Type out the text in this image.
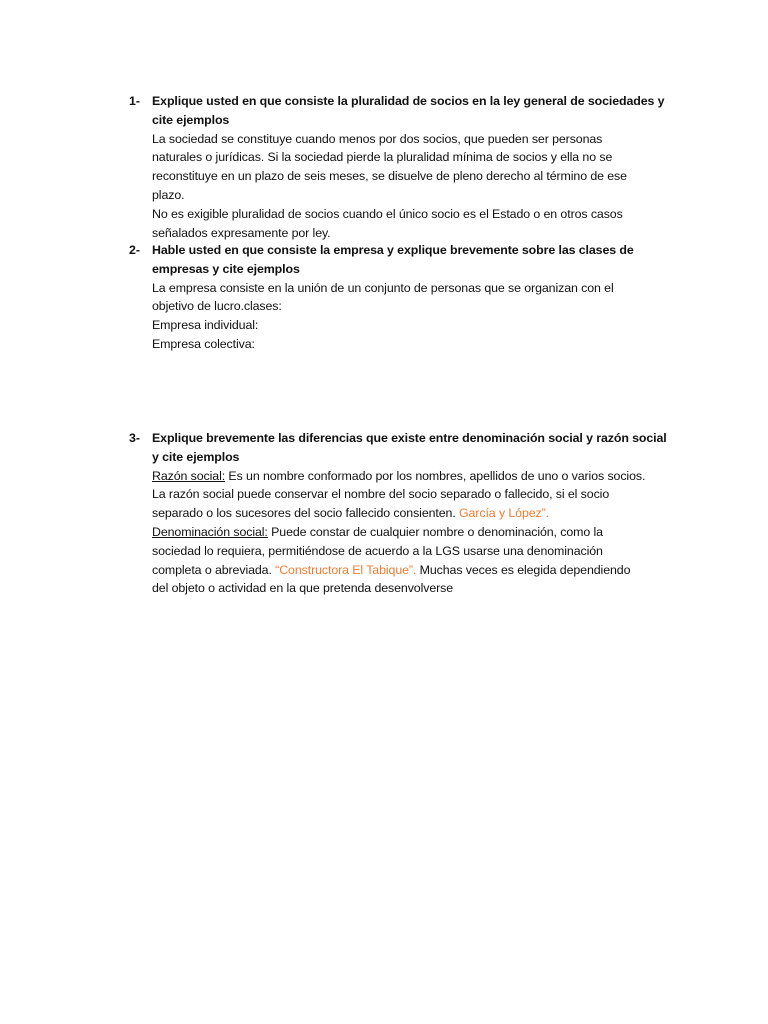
1- Explique usted en que consiste la pluralidad de socios en la ley general de sociedades y
cite ejemplos
La sociedad se constituye cuando menos por dos socios, que pueden ser personas
naturales o jurídicas. Si la sociedad pierde la pluralidad mínima de socios y ella no se
reconstituye en un plazo de seis meses, se disuelve de pleno derecho al término de ese
plazo.
No es exigible pluralidad de socios cuando el único socio es el Estado o en otros casos
señalados expresamente por ley.
2- Hable usted en que consiste la empresa y explique brevemente sobre las clases de
empresas y cite ejemplos
La empresa consiste en la unión de un conjunto de personas que se organizan con el
objetivo de lucro.clases:
Empresa individual:
Empresa colectiva:
3- Explique brevemente las diferencias que existe entre denominación social y razón social
y cite ejemplos
Razón social: Es un nombre conformado por los nombres, apellidos de uno o varios socios.
La razón social puede conservar el nombre del socio separado o fallecido, si el socio
separado o los sucesores del socio fallecido consienten. García y López”.
Denominación social: Puede constar de cualquier nombre o denominación, como la
sociedad lo requiera, permitiéndose de acuerdo a la LGS usarse una denominación
completa o abreviada. “Constructora El Tabique”. Muchas veces es elegida dependiendo
del objeto o actividad en la que pretenda desenvolverse
